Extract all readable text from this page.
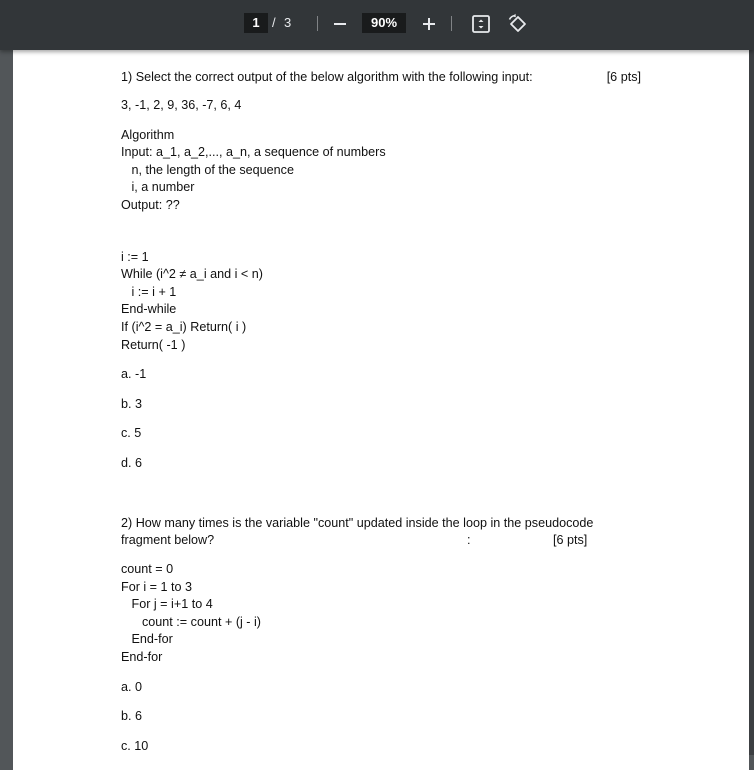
1 / 3	90%

1) Select the correct output of the below algorithm with the following input:	[6 pts]

3, -1, 2, 9, 36, -7, 6, 4

Algorithm

Input: a_1, a_2,..., a_n, a sequence of numbers

n, the length of the sequence

i, a number

Output: ??

i := 1

While (i^2 ≠ a_i and i < n)

i := i + 1

End-while

If (i^2 = a_i) Return( i )

Return( -1 )

a. -1

b. 3

c. 5

d. 6

2) How many times is the variable "count" updated inside the loop in the pseudocode

fragment below?	:	[6 pts]

count = 0

For i = 1 to 3

For j = i+1 to 4

count := count + (j - i)

End-for

End-for

a. 0

b. 6

c. 10
